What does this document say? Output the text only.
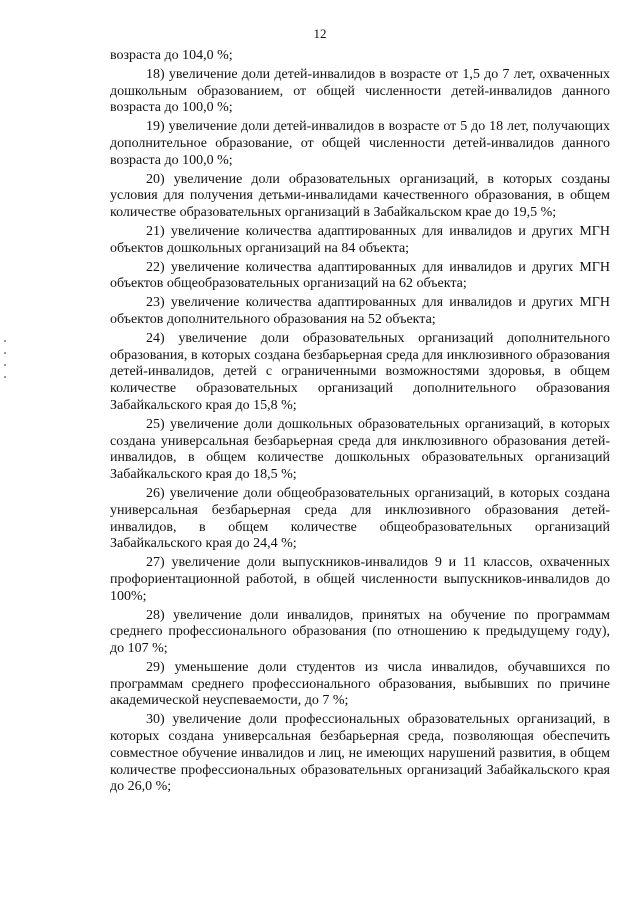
12

возраста до 104,0 %;

18) увеличение доли детей-инвалидов в возрасте от 1,5 до 7 лет, охваченных дошкольным образованием, от общей численности детей-инвалидов данного возраста до 100,0 %;

19) увеличение доли детей-инвалидов в возрасте от 5 до 18 лет, получающих дополнительное образование, от общей численности детей-инвалидов данного возраста до 100,0 %;

20) увеличение доли образовательных организаций, в которых созданы условия для получения детьми-инвалидами качественного образования, в общем количестве образовательных организаций в Забайкальском крае до 19,5 %;

21) увеличение количества адаптированных для инвалидов и других МГН объектов дошкольных организаций на 84 объекта;

22) увеличение количества адаптированных для инвалидов и других МГН объектов общеобразовательных организаций на 62 объекта;

23) увеличение количества адаптированных для инвалидов и других МГН объектов дополнительного образования на 52 объекта;

24) увеличение доли образовательных организаций дополнительного образования, в которых создана безбарьерная среда для инклюзивного образования детей-инвалидов, детей с ограниченными возможностями здоровья, в общем количестве образовательных организаций дополнительного образования Забайкальского края до 15,8 %;

25) увеличение доли дошкольных образовательных организаций, в которых создана универсальная безбарьерная среда для инклюзивного образования детей-инвалидов, в общем количестве дошкольных образовательных организаций Забайкальского края до 18,5 %;

26) увеличение доли общеобразовательных организаций, в которых создана универсальная безбарьерная среда для инклюзивного образования детей-инвалидов, в общем количестве общеобразовательных организаций Забайкальского края до 24,4 %;

27) увеличение доли выпускников-инвалидов 9 и 11 классов, охваченных профориентационной работой, в общей численности выпускников-инвалидов до 100%;

28) увеличение доли инвалидов, принятых на обучение по программам среднего профессионального образования (по отношению к предыдущему году), до 107 %;

29) уменьшение доли студентов из числа инвалидов, обучавшихся по программам среднего профессионального образования, выбывших по причине академической неуспеваемости, до 7 %;

30) увеличение доли профессиональных образовательных организаций, в которых создана универсальная безбарьерная среда, позволяющая обеспечить совместное обучение инвалидов и лиц, не имеющих нарушений развития, в общем количестве профессиональных образовательных организаций Забайкальского края до 26,0 %;
